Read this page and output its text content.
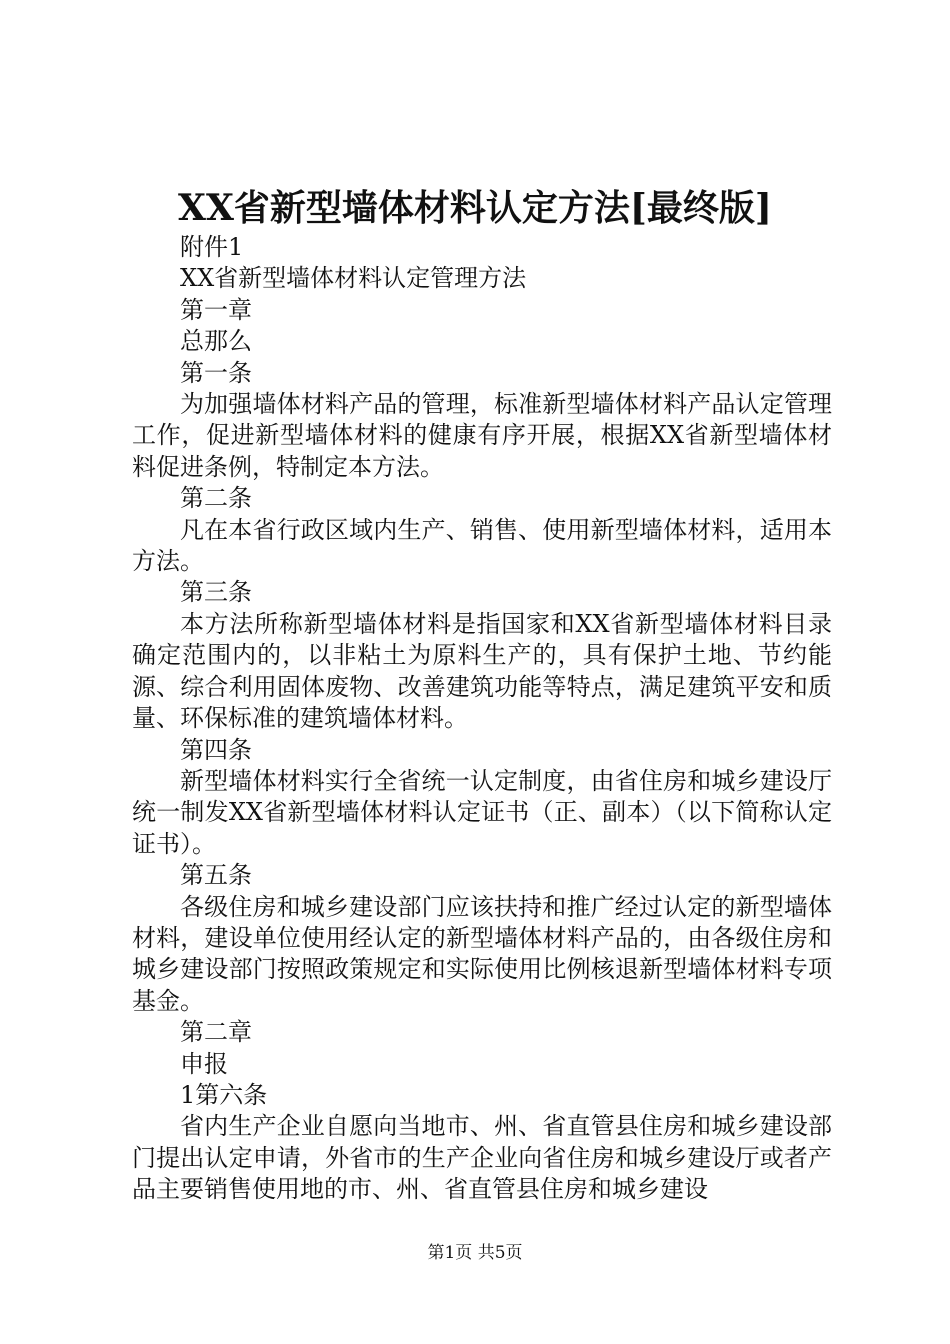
XX省新型墙体材料认定方法[最终版]
附件1
XX省新型墙体材料认定管理方法
第一章
总那么
第一条
为加强墙体材料产品的管理，标准新型墙体材料产品认定管理工作，促进新型墙体材料的健康有序开展，根据XX省新型墙体材料促进条例，特制定本方法。
第二条
凡在本省行政区域内生产、销售、使用新型墙体材料，适用本方法。
第三条
本方法所称新型墙体材料是指国家和XX省新型墙体材料目录确定范围内的，以非粘土为原料生产的，具有保护土地、节约能源、综合利用固体废物、改善建筑功能等特点，满足建筑平安和质量、环保标准的建筑墙体材料。
第四条
新型墙体材料实行全省统一认定制度，由省住房和城乡建设厅统一制发XX省新型墙体材料认定证书（正、副本）（以下简称认定证书）。
第五条
各级住房和城乡建设部门应该扶持和推广经过认定的新型墙体材料，建设单位使用经认定的新型墙体材料产品的，由各级住房和城乡建设部门按照政策规定和实际使用比例核退新型墙体材料专项基金。
第二章
申报
1第六条
省内生产企业自愿向当地市、州、省直管县住房和城乡建设部门提出认定申请，外省市的生产企业向省住房和城乡建设厅或者产品主要销售使用地的市、州、省直管县住房和城乡建设
第1页 共5页
